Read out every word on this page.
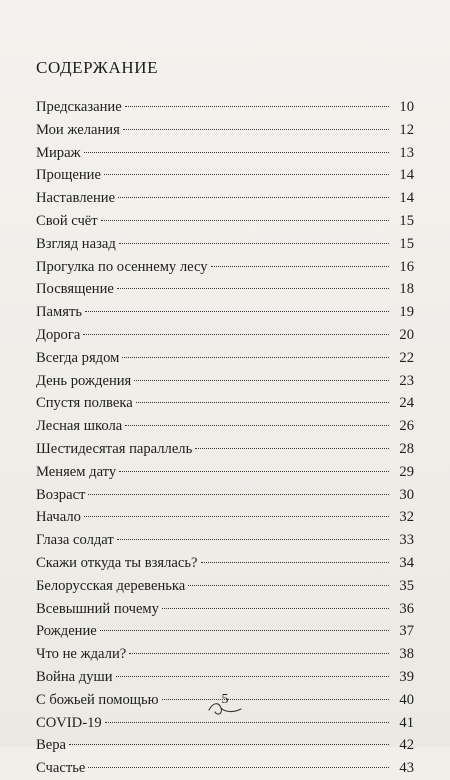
СОДЕРЖАНИЕ
Предсказание	10
Мои желания	12
Мираж	13
Прощение	14
Наставление	14
Свой счёт	15
Взгляд назад	15
Прогулка по осеннему лесу	16
Посвящение	18
Память	19
Дорога	20
Всегда рядом	22
День рождения	23
Спустя полвека	24
Лесная школа	26
Шестидесятая параллель	28
Меняем дату	29
Возраст	30
Начало	32
Глаза солдат	33
Скажи откуда ты взялась?	34
Белорусская деревенька	35
Всевышний почему	36
Рождение	37
Что не ждали?	38
Война души	39
С божьей помощью	40
COVID-19	41
Вера	42
Счастье	43
5
